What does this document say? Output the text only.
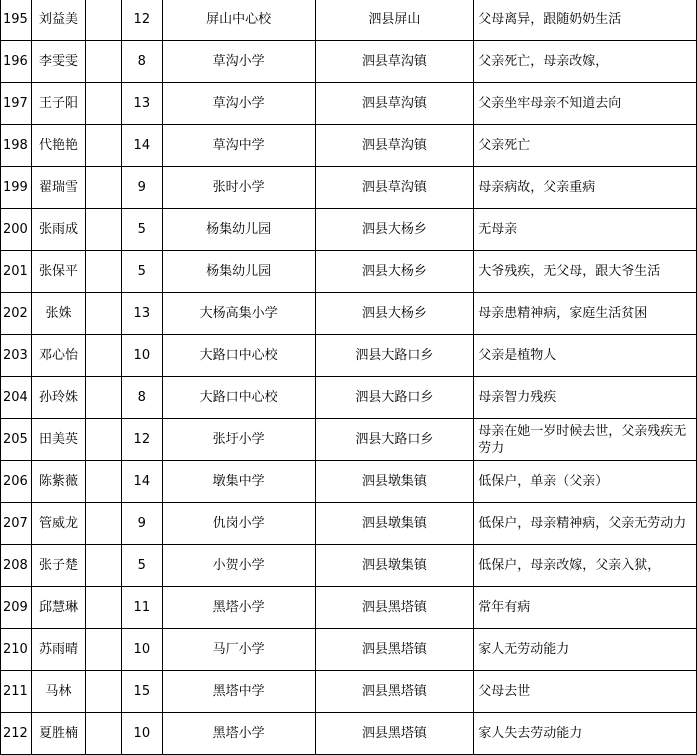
195	刘益美		12	屏山中心校	泗县屏山	父母离异，跟随奶奶生活
196	李雯雯		8	草沟小学	泗县草沟镇	父亲死亡，母亲改嫁，
197	王子阳		13	草沟小学	泗县草沟镇	父亲坐牢母亲不知道去向
198	代艳艳		14	草沟中学	泗县草沟镇	父亲死亡
199	翟瑞雪		9	张时小学	泗县草沟镇	母亲病故，父亲重病
200	张雨成		5	杨集幼儿园	泗县大杨乡	无母亲
201	张保平		5	杨集幼儿园	泗县大杨乡	大爷残疾，无父母，跟大爷生活
202	张姝		13	大杨高集小学	泗县大杨乡	母亲患精神病，家庭生活贫困
203	邓心怡		10	大路口中心校	泗县大路口乡	父亲是植物人
204	孙玲姝		8	大路口中心校	泗县大路口乡	母亲智力残疾
205	田美英		12	张圩小学	泗县大路口乡	母亲在她一岁时候去世，父亲残疾无劳力
206	陈紫薇		14	墩集中学	泗县墩集镇	低保户，单亲（父亲）
207	管威龙		9	仇岗小学	泗县墩集镇	低保户，母亲精神病，父亲无劳动力
208	张子楚		5	小贺小学	泗县墩集镇	低保户，母亲改嫁，父亲入狱，
209	邱慧琳		11	黑塔小学	泗县黑塔镇	常年有病
210	苏雨晴		10	马厂小学	泗县黑塔镇	家人无劳动能力
211	马林		15	黑塔中学	泗县黑塔镇	父母去世
212	夏胜楠		10	黑塔小学	泗县黑塔镇	家人失去劳动能力
